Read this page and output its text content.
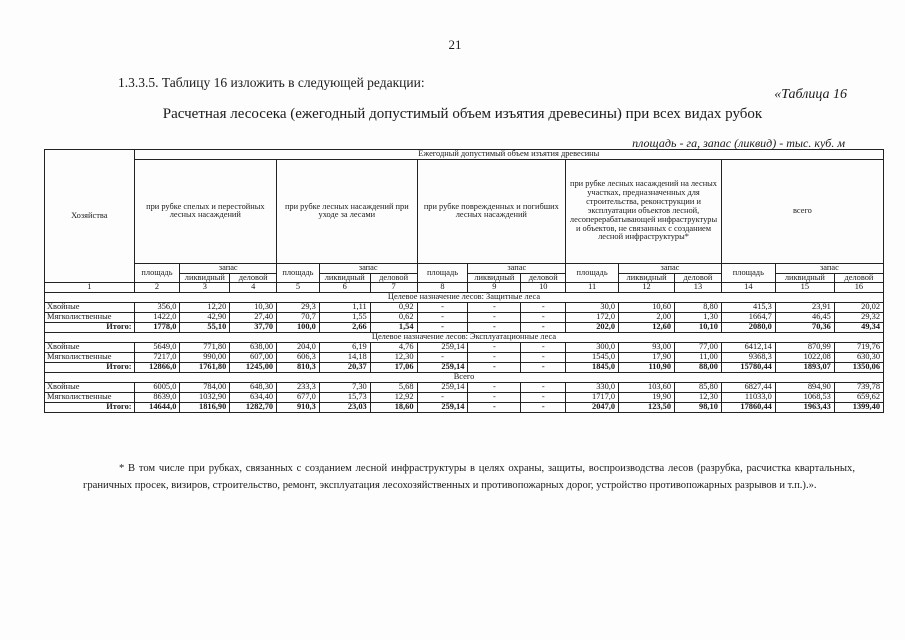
21
1.3.3.5. Таблицу 16 изложить в следующей редакции:
«Таблица 16
Расчетная лесосека (ежегодный допустимый объем изъятия древесины) при всех видах рубок
площадь - га, запас (ликвид) - тыс. куб. м
Хозяйства	Ежегодный допустимый объем изъятия древесины														
	при рубке спелых и перестойных лесных насаждений			при рубке лесных насаждений при уходе за лесами			при рубке поврежденных и погибших лесных насаждений			при рубке лесных насаждений на лесных участках, предназначенных для строительства, реконструкции и эксплуатации объектов лесной, лесоперерабатывающей инфраструктуры и объектов, не связанных с созданием лесной инфраструктуры*			всего		
	площадь	запас		площадь	запас		площадь	запас		площадь	запас		площадь	запас	
		ликвидный	деловой		ликвидный	деловой		ликвидный	деловой		ликвидный	деловой		ликвидный	деловой
1	2	3	4	5	6	7	8	9	10	11	12	13	14	15	16
Целевое назначение лесов: Защитные леса															
Хвойные	356,0	12,20	10,30	29,3	1,11	0,92	-	-	-	30,0	10,60	8,80	415,3	23,91	20,02
Мягколиственные	1422,0	42,90	27,40	70,7	1,55	0,62	-	-	-	172,0	2,00	1,30	1664,7	46,45	29,32
Итого:	1778,0	55,10	37,70	100,0	2,66	1,54	-	-	-	202,0	12,60	10,10	2080,0	70,36	49,34
Целевое назначение лесов: Эксплуатационные леса															
Хвойные	5649,0	771,80	638,00	204,0	6,19	4,76	259,14	-	-	300,0	93,00	77,00	6412,14	870,99	719,76
Мягколиственные	7217,0	990,00	607,00	606,3	14,18	12,30	-	-	-	1545,0	17,90	11,00	9368,3	1022,08	630,30
Итого:	12866,0	1761,80	1245,00	810,3	20,37	17,06	259,14	-	-	1845,0	110,90	88,00	15780,44	1893,07	1350,06
Всего															
Хвойные	6005,0	784,00	648,30	233,3	7,30	5,68	259,14	-	-	330,0	103,60	85,80	6827,44	894,90	739,78
Мягколиственные	8639,0	1032,90	634,40	677,0	15,73	12,92	-	-	-	1717,0	19,90	12,30	11033,0	1068,53	659,62
Итого:	14644,0	1816,90	1282,70	910,3	23,03	18,60	259,14	-	-	2047,0	123,50	98,10	17860,44	1963,43	1399,40
* В том числе при рубках, связанных с созданием лесной инфраструктуры в целях охраны, защиты, воспроизводства лесов (разрубка, расчистка квартальных, граничных просек, визиров, строительство, ремонт, эксплуатация лесохозяйственных и противопожарных дорог, устройство противопожарных разрывов и т.п.).».
